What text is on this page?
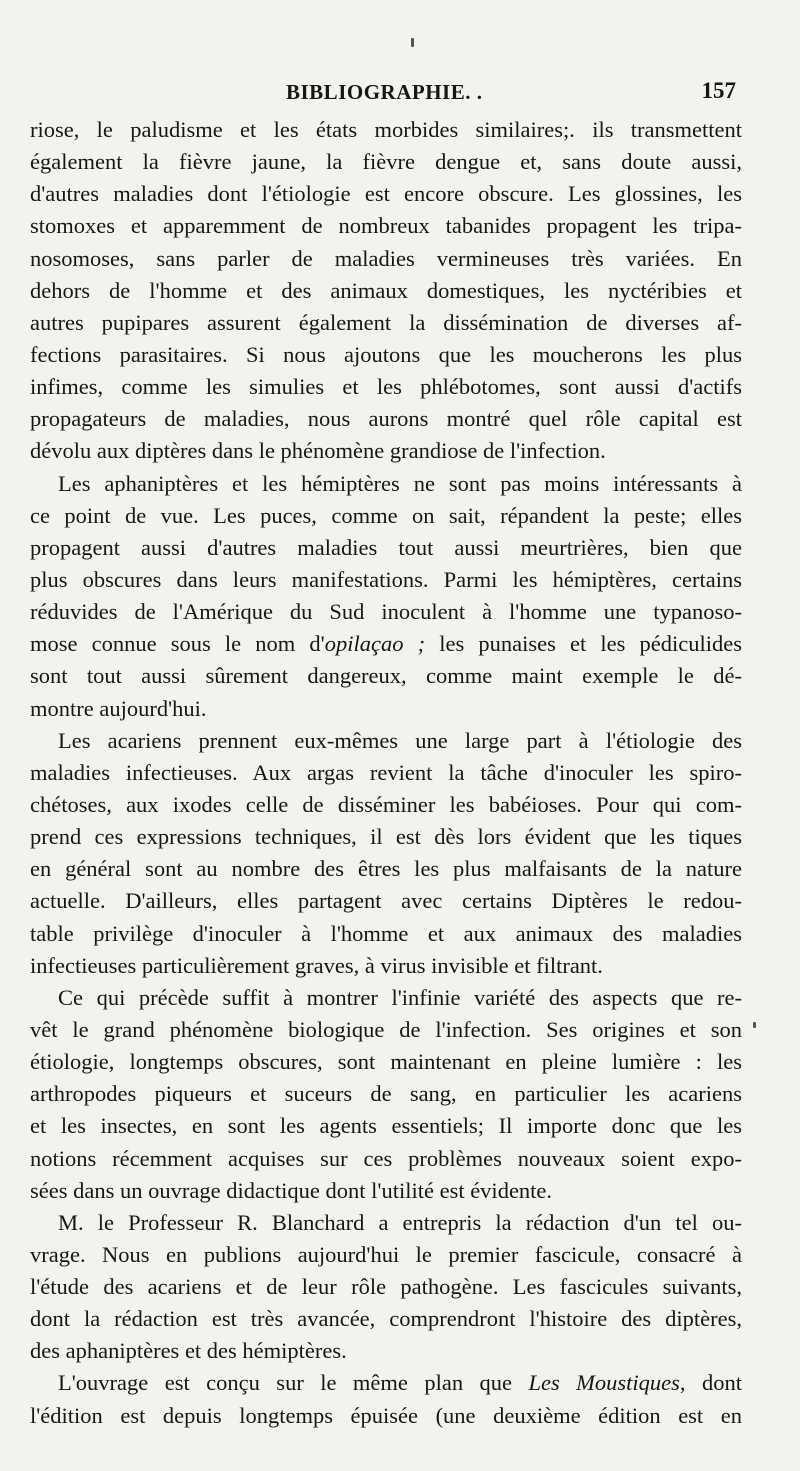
BIBLIOGRAPHIE. .	157
riose, le paludisme et les états morbides similaires;. ils transmettent
également la fièvre jaune, la fièvre dengue et, sans doute aussi,
d'autres maladies dont l'étiologie est encore obscure. Les glossines, les
stomoxes et apparemment de nombreux tabanides propagent les tripa-
nosomoses, sans parler de maladies vermineuses très variées. En
dehors de l'homme et des animaux domestiques, les nyctéribies et
autres pupipares assurent également la dissémination de diverses af-
fections parasitaires. Si nous ajoutons que les moucherons les plus
infimes, comme les simulies et les phlébotomes, sont aussi d'actifs
propagateurs de maladies, nous aurons montré quel rôle capital est
dévolu aux diptères dans le phénomène grandiose de l'infection.
Les aphaniptères et les hémiptères ne sont pas moins intéressants à
ce point de vue. Les puces, comme on sait, répandent la peste; elles
propagent aussi d'autres maladies tout aussi meurtrières, bien que
plus obscures dans leurs manifestations. Parmi les hémiptères, certains
réduvides de l'Amérique du Sud inoculent à l'homme une typanoso-
mose connue sous le nom d'opilaçao ; les punaises et les pédiculides
sont tout aussi sûrement dangereux, comme maint exemple le dé-
montre aujourd'hui.
Les acariens prennent eux-mêmes une large part à l'étiologie des
maladies infectieuses. Aux argas revient la tâche d'inoculer les spiro-
chétoses, aux ixodes celle de disséminer les babéioses. Pour qui com-
prend ces expressions techniques, il est dès lors évident que les tiques
en général sont au nombre des êtres les plus malfaisants de la nature
actuelle. D'ailleurs, elles partagent avec certains Diptères le redou-
table privilège d'inoculer à l'homme et aux animaux des maladies
infectieuses particulièrement graves, à virus invisible et filtrant.
Ce qui précède suffit à montrer l'infinie variété des aspects que re-
vêt le grand phénomène biologique de l'infection. Ses origines et son
étiologie, longtemps obscures, sont maintenant en pleine lumière : les
arthropodes piqueurs et suceurs de sang, en particulier les acariens
et les insectes, en sont les agents essentiels; Il importe donc que les
notions récemment acquises sur ces problèmes nouveaux soient expo-
sées dans un ouvrage didactique dont l'utilité est évidente.
M. le Professeur R. Blanchard a entrepris la rédaction d'un tel ou-
vrage. Nous en publions aujourd'hui le premier fascicule, consacré à
l'étude des acariens et de leur rôle pathogène. Les fascicules suivants,
dont la rédaction est très avancée, comprendront l'histoire des diptères,
des aphaniptères et des hémiptères.
L'ouvrage est conçu sur le même plan que Les Moustiques, dont
l'édition est depuis longtemps épuisée (une deuxième édition est en
